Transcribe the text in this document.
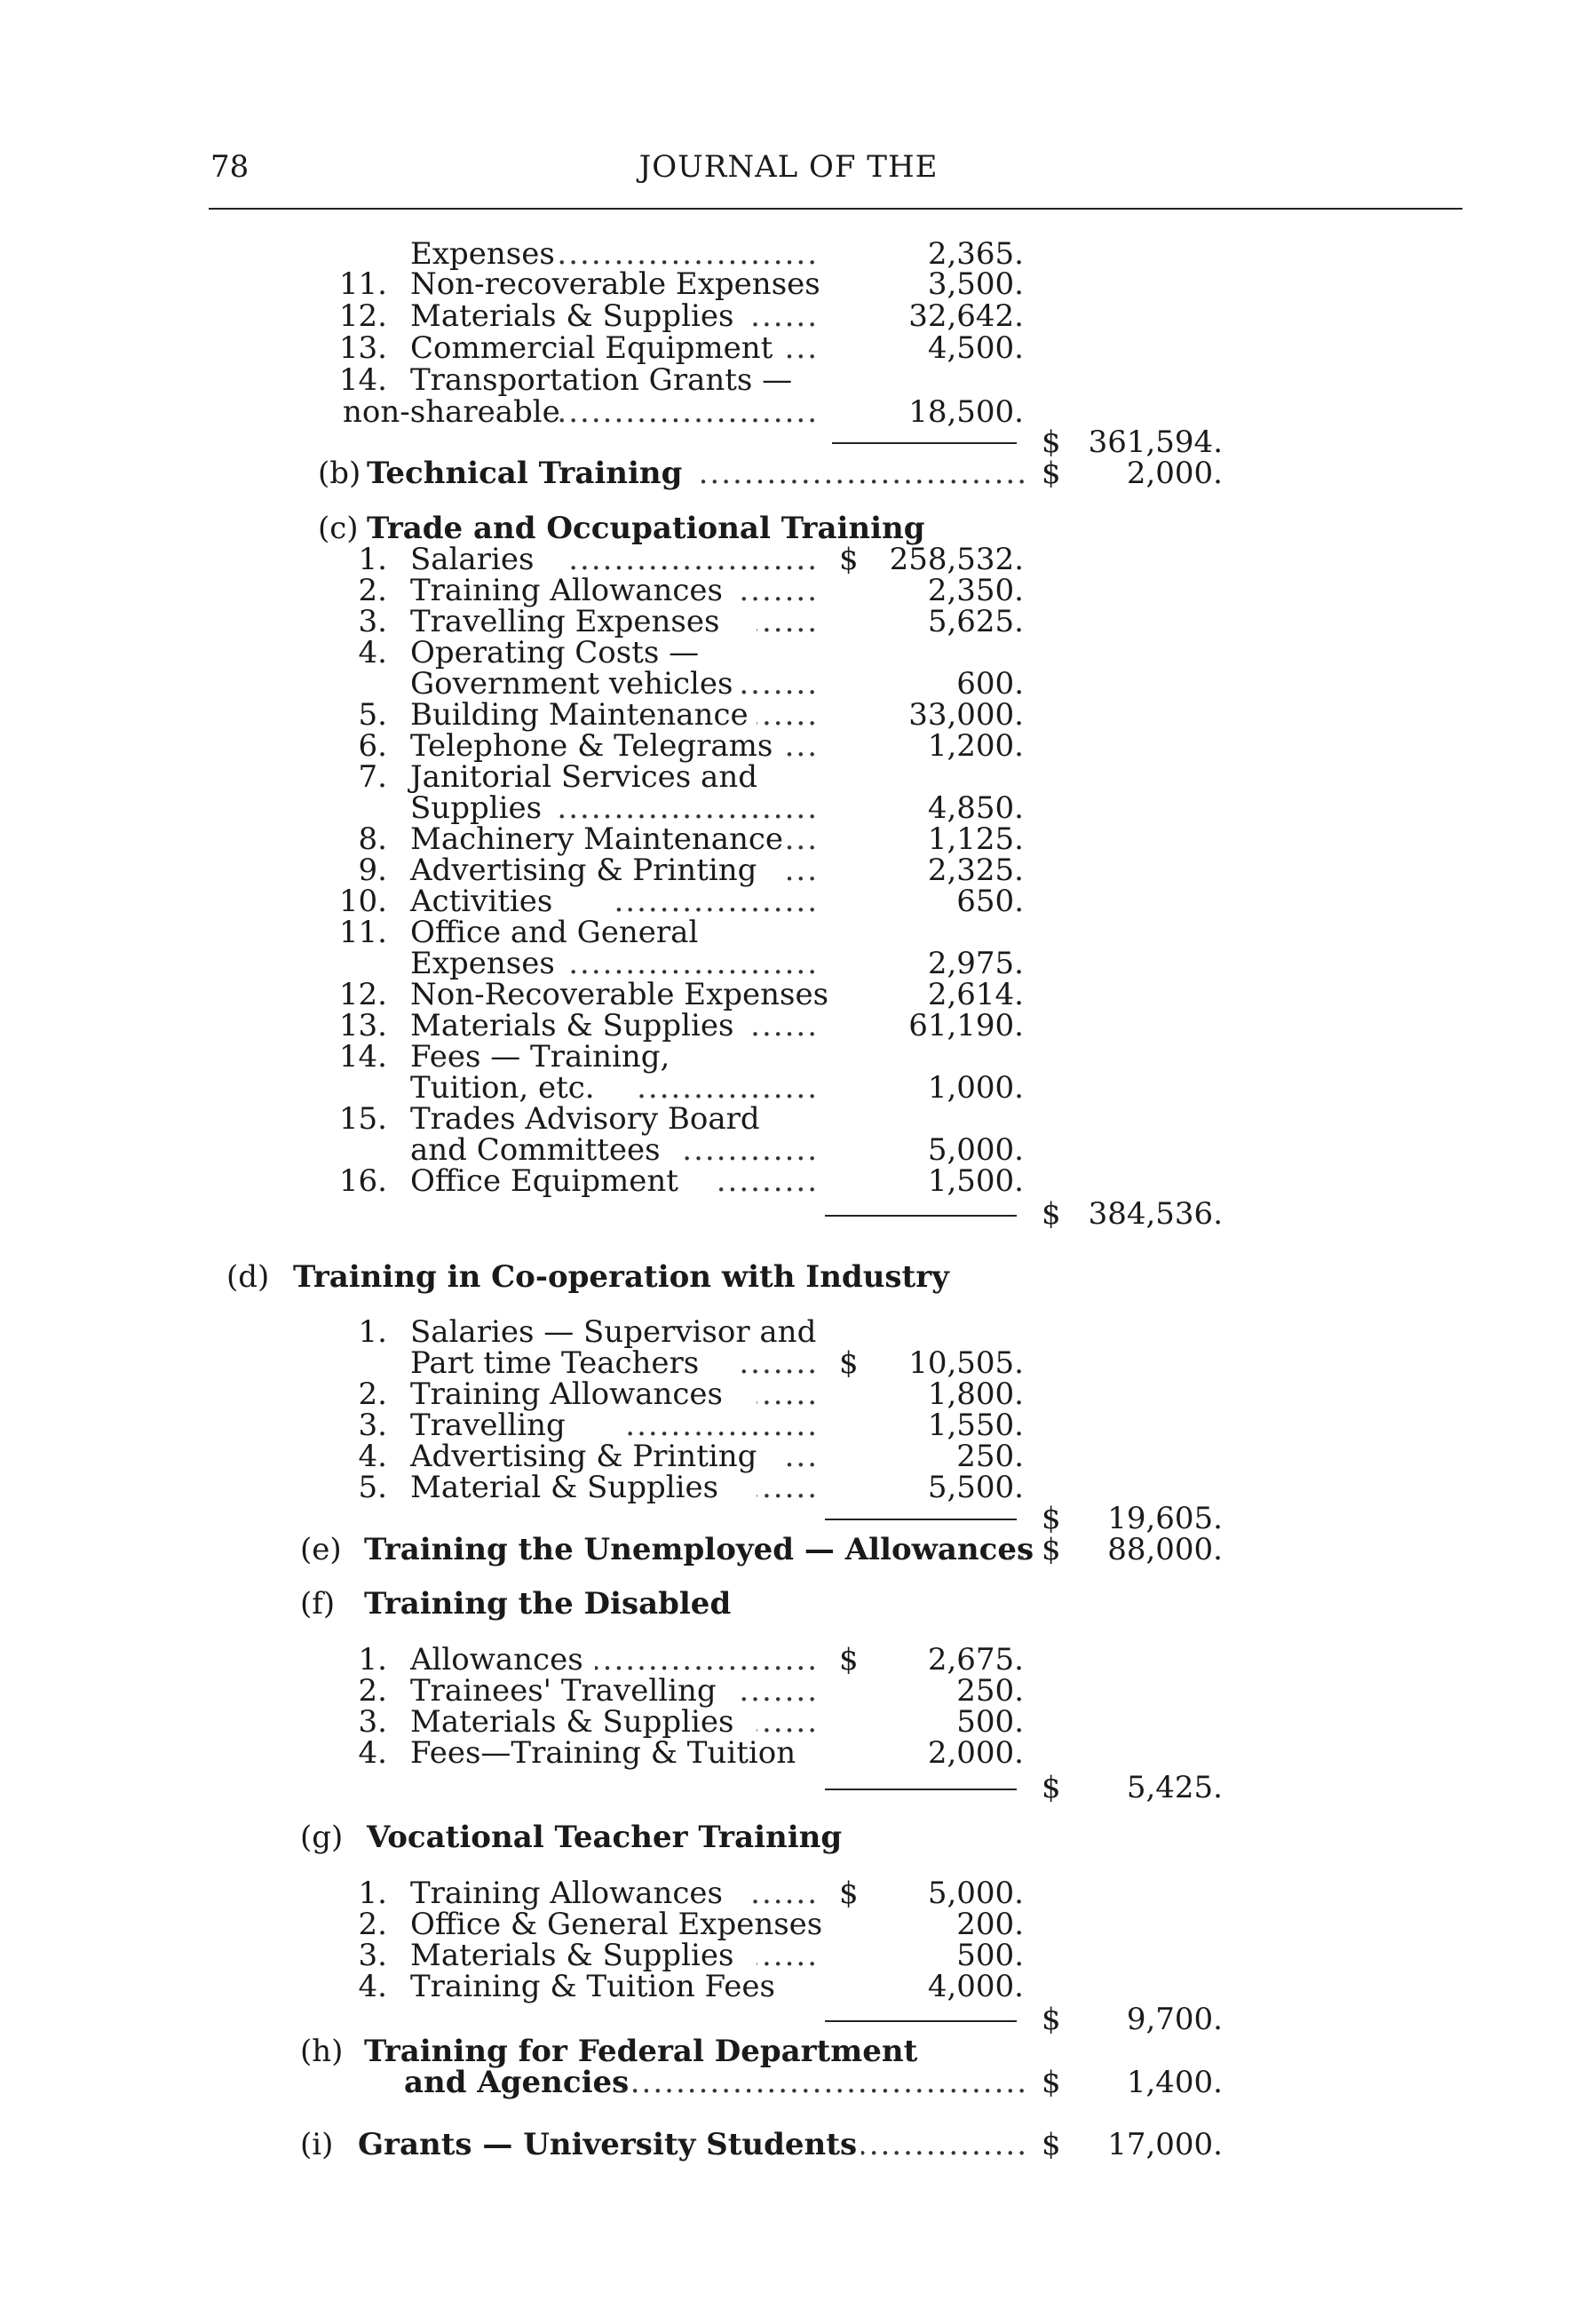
78	JOURNAL OF THE
Expenses .....	2,365.
11. Non-recoverable Expenses	3,500.
12. Materials & Supplies .....	32,642.
13. Commercial Equipment .....	4,500.
14. Transportation Grants —
non-shareable .....	18,500.
$ 361,594.
(b) Technical Training .....	$ 2,000.
(c) Trade and Occupational Training
1. Salaries .....	$ 258,532.
2. Training Allowances .....	2,350.
3. Travelling Expenses .....	5,625.
4. Operating Costs —
Government vehicles .....	600.
5. Building Maintenance .....	33,000.
6. Telephone & Telegrams .....	1,200.
7. Janitorial Services and
Supplies .....	4,850.
8. Machinery Maintenance .....	1,125.
9. Advertising & Printing .....	2,325.
10. Activities .....	650.
11. Office and General
Expenses .....	2,975.
12. Non-Recoverable Expenses	2,614.
13. Materials & Supplies .....	61,190.
14. Fees — Training,
Tuition, etc. .....	1,000.
15. Trades Advisory Board
and Committees .....	5,000.
16. Office Equipment .....	1,500.
$ 384,536.
(d) Training in Co-operation with Industry
1. Salaries — Supervisor and
Part time Teachers .....	$ 10,505.
2. Training Allowances .....	1,800.
3. Travelling .....	1,550.
4. Advertising & Printing .....	250.
5. Material & Supplies .....	5,500.
$ 19,605.
(e) Training the Unemployed — Allowances ..... $ 88,000.
(f) Training the Disabled
1. Allowances .....	$ 2,675.
2. Trainees' Travelling .....	250.
3. Materials & Supplies .....	500.
4. Fees—Training & Tuition	2,000.
$ 5,425.
(g) Vocational Teacher Training
1. Training Allowances .....	$ 5,000.
2. Office & General Expenses	200.
3. Materials & Supplies .....	500.
4. Training & Tuition Fees	4,000.
$ 9,700.
(h) Training for Federal Department
and Agencies .....	$ 1,400.
(i) Grants — University Students .....	$ 17,000.
